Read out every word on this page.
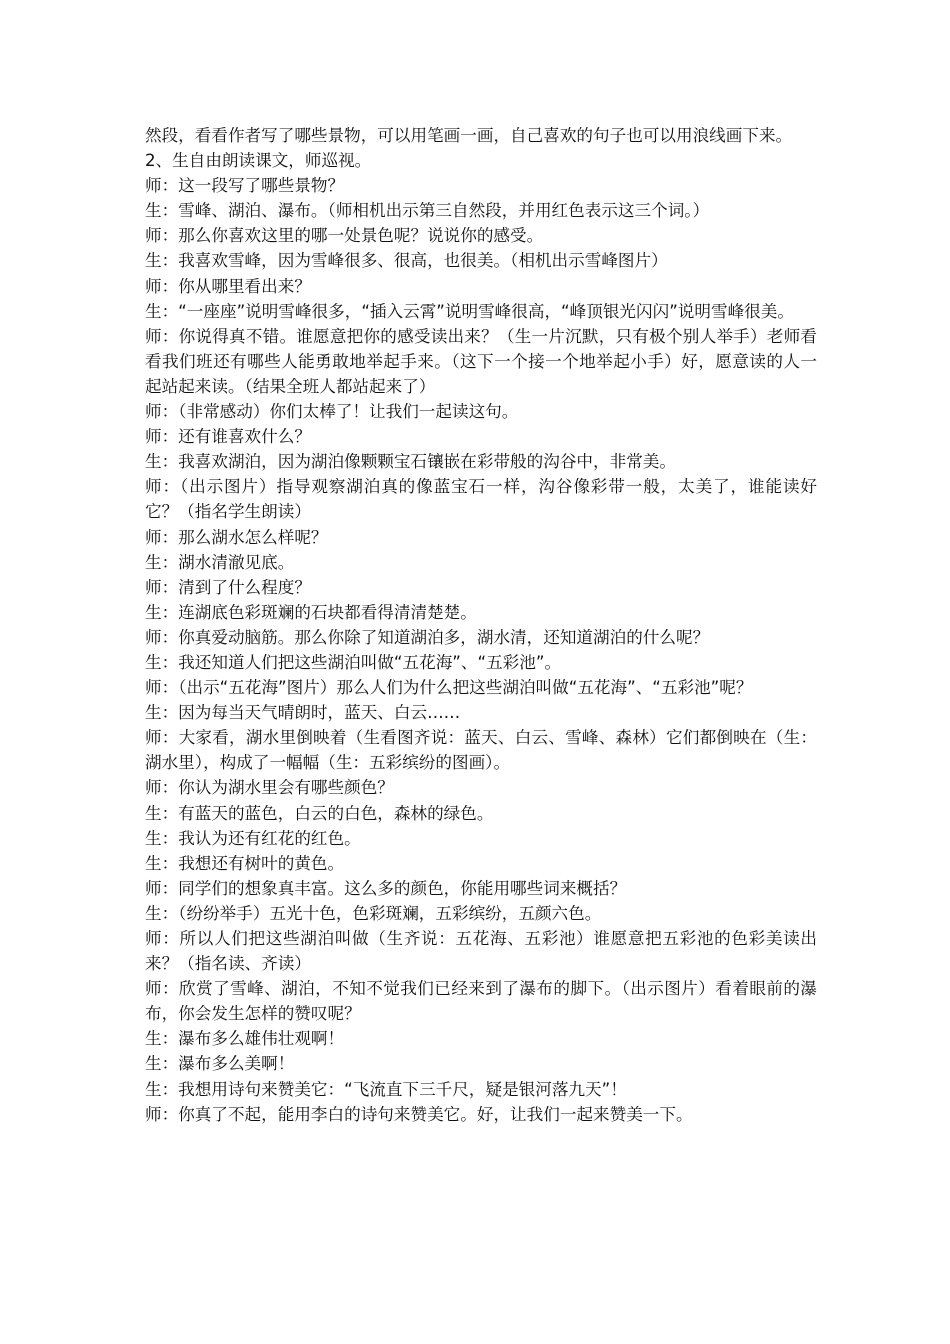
然段，看看作者写了哪些景物，可以用笔画一画，自己喜欢的句子也可以用浪线画下来。

2、生自由朗读课文，师巡视。

师：这一段写了哪些景物？

生：雪峰、湖泊、瀑布。（师相机出示第三自然段，并用红色表示这三个词。）

师：那么你喜欢这里的哪一处景色呢？说说你的感受。

生：我喜欢雪峰，因为雪峰很多、很高，也很美。（相机出示雪峰图片）

师：你从哪里看出来？

生：“一座座”说明雪峰很多，“插入云霄”说明雪峰很高，“峰顶银光闪闪”说明雪峰很美。

师：你说得真不错。谁愿意把你的感受读出来？（生一片沉默，只有极个别人举手）老师看看我们班还有哪些人能勇敢地举起手来。（这下一个接一个地举起小手）好，愿意读的人一起站起来读。（结果全班人都站起来了）

师：（非常感动）你们太棒了！让我们一起读这句。

师：还有谁喜欢什么？

生：我喜欢湖泊，因为湖泊像颗颗宝石镶嵌在彩带般的沟谷中，非常美。

师：（出示图片）指导观察湖泊真的像蓝宝石一样，沟谷像彩带一般，太美了，谁能读好它？（指名学生朗读）

师：那么湖水怎么样呢？

生：湖水清澈见底。

师：清到了什么程度？

生：连湖底色彩斑斓的石块都看得清清楚楚。

师：你真爱动脑筋。那么你除了知道湖泊多，湖水清，还知道湖泊的什么呢？

生：我还知道人们把这些湖泊叫做“五花海”、“五彩池”。

师：（出示“五花海”图片）那么人们为什么把这些湖泊叫做“五花海”、“五彩池”呢？

生：因为每当天气晴朗时，蓝天、白云……

师：大家看，湖水里倒映着（生看图齐说：蓝天、白云、雪峰、森林）它们都倒映在（生：湖水里），构成了一幅幅（生：五彩缤纷的图画）。

师：你认为湖水里会有哪些颜色？

生：有蓝天的蓝色，白云的白色，森林的绿色。

生：我认为还有红花的红色。

生：我想还有树叶的黄色。

师：同学们的想象真丰富。这么多的颜色，你能用哪些词来概括？

生：（纷纷举手）五光十色，色彩斑斓，五彩缤纷，五颜六色。

师：所以人们把这些湖泊叫做（生齐说：五花海、五彩池）谁愿意把五彩池的色彩美读出来？（指名读、齐读）

师：欣赏了雪峰、湖泊，不知不觉我们已经来到了瀑布的脚下。（出示图片）看着眼前的瀑布，你会发生怎样的赞叹呢？

生：瀑布多么雄伟壮观啊！

生：瀑布多么美啊！

生：我想用诗句来赞美它：“飞流直下三千尺，疑是银河落九天”！

师：你真了不起，能用李白的诗句来赞美它。好，让我们一起来赞美一下。
